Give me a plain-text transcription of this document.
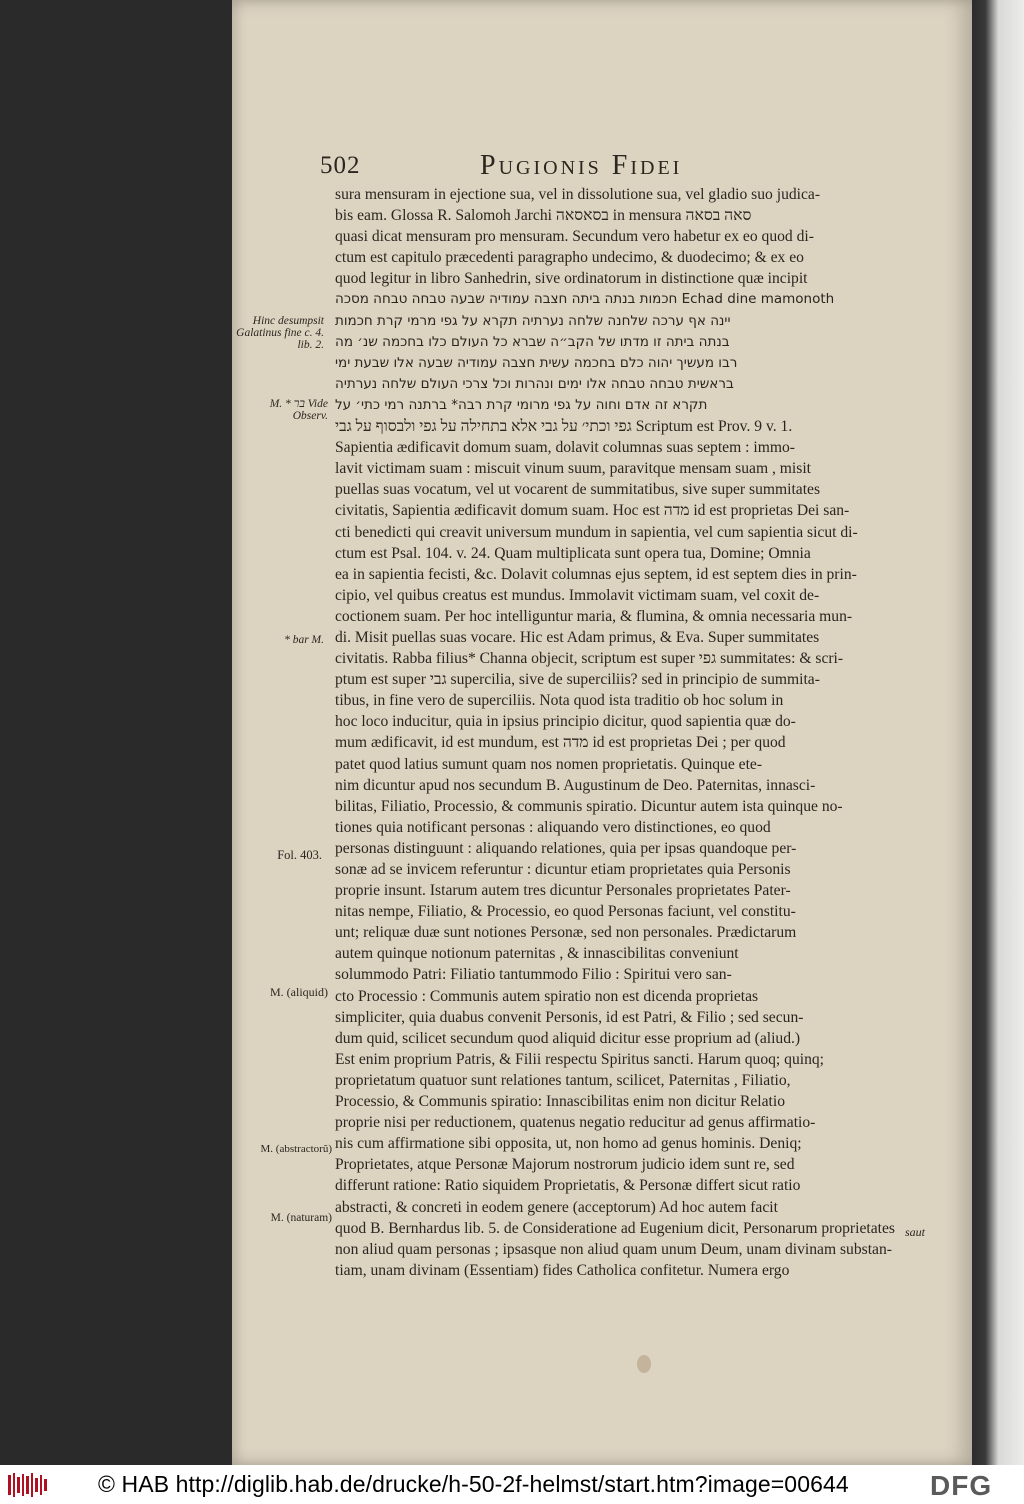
502	Pugionis Fidei
Hinc desumpsit Galatinus fine c. 4. lib. 2.
M. * בר Vide Observ.
* bar M.
Fol. 403.
M. (aliquid)
M. (abstractorũ)
M. (naturam)
sura mensuram in ejectione sua, vel in dissolutione sua, vel gladio suo judica-
bis eam. Glossa R. Salomoh Jarchi בסאסאה in mensura סאה בסאה
quasi dicat mensuram pro mensuram. Secundum vero habetur ex eo quod di-
ctum est capitulo præcedenti paragrapho undecimo, & duodecimo; & ex eo
quod legitur in libro Sanhedrin, sive ordinatorum in distinctione quæ incipit
Echad dine mamonoth חכמות בנתה ביתה חצבה עמודיה שבעה טבחה טבחה מסכה
יינה אף ערכה שלחנה שלחה נערתיה תקרא על גפי מרמי קרת חכמות
בנתה ביתה זו מדתו של הקב״ה שברא כל העולם כלו בחכמה שנ׳ מה
רבו מעשיך יהוה כלם בחכמה עשית חצבה עמודיה שבעה אלו שבעת ימי
בראשית טבחה טבחה אלו ימים ונהרות וכל צרכי העולם שלחה נערתיה
תקרא זה אדם וחוה על גפי מרומי קרת רבה* ברתנה רמי כתי׳ על
גפי וכתי׳ על גבי אלא בתחילה על גפי ולבסוף על גבי Scriptum est Prov. 9 v. 1.
Sapientia ædificavit domum suam, dolavit columnas suas septem : immo-
lavit victimam suam : miscuit vinum suum, paravitque mensam suam , misit
puellas suas vocatum, vel ut vocarent de summitatibus, sive super summitates
civitatis, Sapientia ædificavit domum suam. Hoc est מדה id est proprietas Dei san-
cti benedicti qui creavit universum mundum in sapientia, vel cum sapientia sicut di-
ctum est Psal. 104. v. 24. Quam multiplicata sunt opera tua, Domine; Omnia
ea in sapientia fecisti, &c. Dolavit columnas ejus septem, id est septem dies in prin-
cipio, vel quibus creatus est mundus. Immolavit victimam suam, vel coxit de-
coctionem suam. Per hoc intelliguntur maria, & flumina, & omnia necessaria mun-
di. Misit puellas suas vocare. Hic est Adam primus, & Eva. Super summitates
civitatis. Rabba filius* Channa objecit, scriptum est super גפי summitates: & scri-
ptum est super גבי supercilia, sive de superciliis? sed in principio de summita-
tibus, in fine vero de superciliis. Nota quod ista traditio ob hoc solum in
hoc loco inducitur, quia in ipsius principio dicitur, quod sapientia quæ do-
mum ædificavit, id est mundum, est מדה id est proprietas Dei ; per quod
patet quod latius sumunt quam nos nomen proprietatis. Quinque ete-
nim dicuntur apud nos secundum B. Augustinum de Deo. Paternitas, innasci-
bilitas, Filiatio, Processio, & communis spiratio. Dicuntur autem ista quinque no-
tiones quia notificant personas : aliquando vero distinctiones, eo quod
personas distinguunt : aliquando relationes, quia per ipsas quandoque per-
sonæ ad se invicem referuntur : dicuntur etiam proprietates quia Personis
proprie insunt. Istarum autem tres dicuntur Personales proprietates Pater-
nitas nempe, Filiatio, & Processio, eo quod Personas faciunt, vel constitu-
unt; reliquæ duæ sunt notiones Personæ, sed non personales. Prædictarum
autem quinque notionum paternitas , & innascibilitas conveniunt
solummodo Patri: Filiatio tantummodo Filio : Spiritui vero san-
cto Processio : Communis autem spiratio non est dicenda proprietas
simpliciter, quia duabus convenit Personis, id est Patri, & Filio ; sed secun-
dum quid, scilicet secundum quod aliquid dicitur esse proprium ad (aliud.)
Est enim proprium Patris, & Filii respectu Spiritus sancti. Harum quoq; quinq;
proprietatum quatuor sunt relationes tantum, scilicet, Paternitas , Filiatio,
Processio, & Communis spiratio: Innascibilitas enim non dicitur Relatio
proprie nisi per reductionem, quatenus negatio reducitur ad genus affirmatio-
nis cum affirmatione sibi opposita, ut, non homo ad genus hominis. Deniq;
Proprietates, atque Personæ Majorum nostrorum judicio idem sunt re, sed
differunt ratione: Ratio siquidem Proprietatis, & Personæ differt sicut ratio
abstracti, & concreti in eodem genere (acceptorum) Ad hoc autem facit
quod B. Bernhardus lib. 5. de Consideratione ad Eugenium dicit, Personarum proprietates
non aliud quam personas ; ipsasque non aliud quam unum Deum, unam divinam substan-
tiam, unam divinam (Essentiam) fides Catholica confitetur. Numera ergo
saut
© HAB http://diglib.hab.de/drucke/h-50-2f-helmst/start.htm?image=00644	DFG
